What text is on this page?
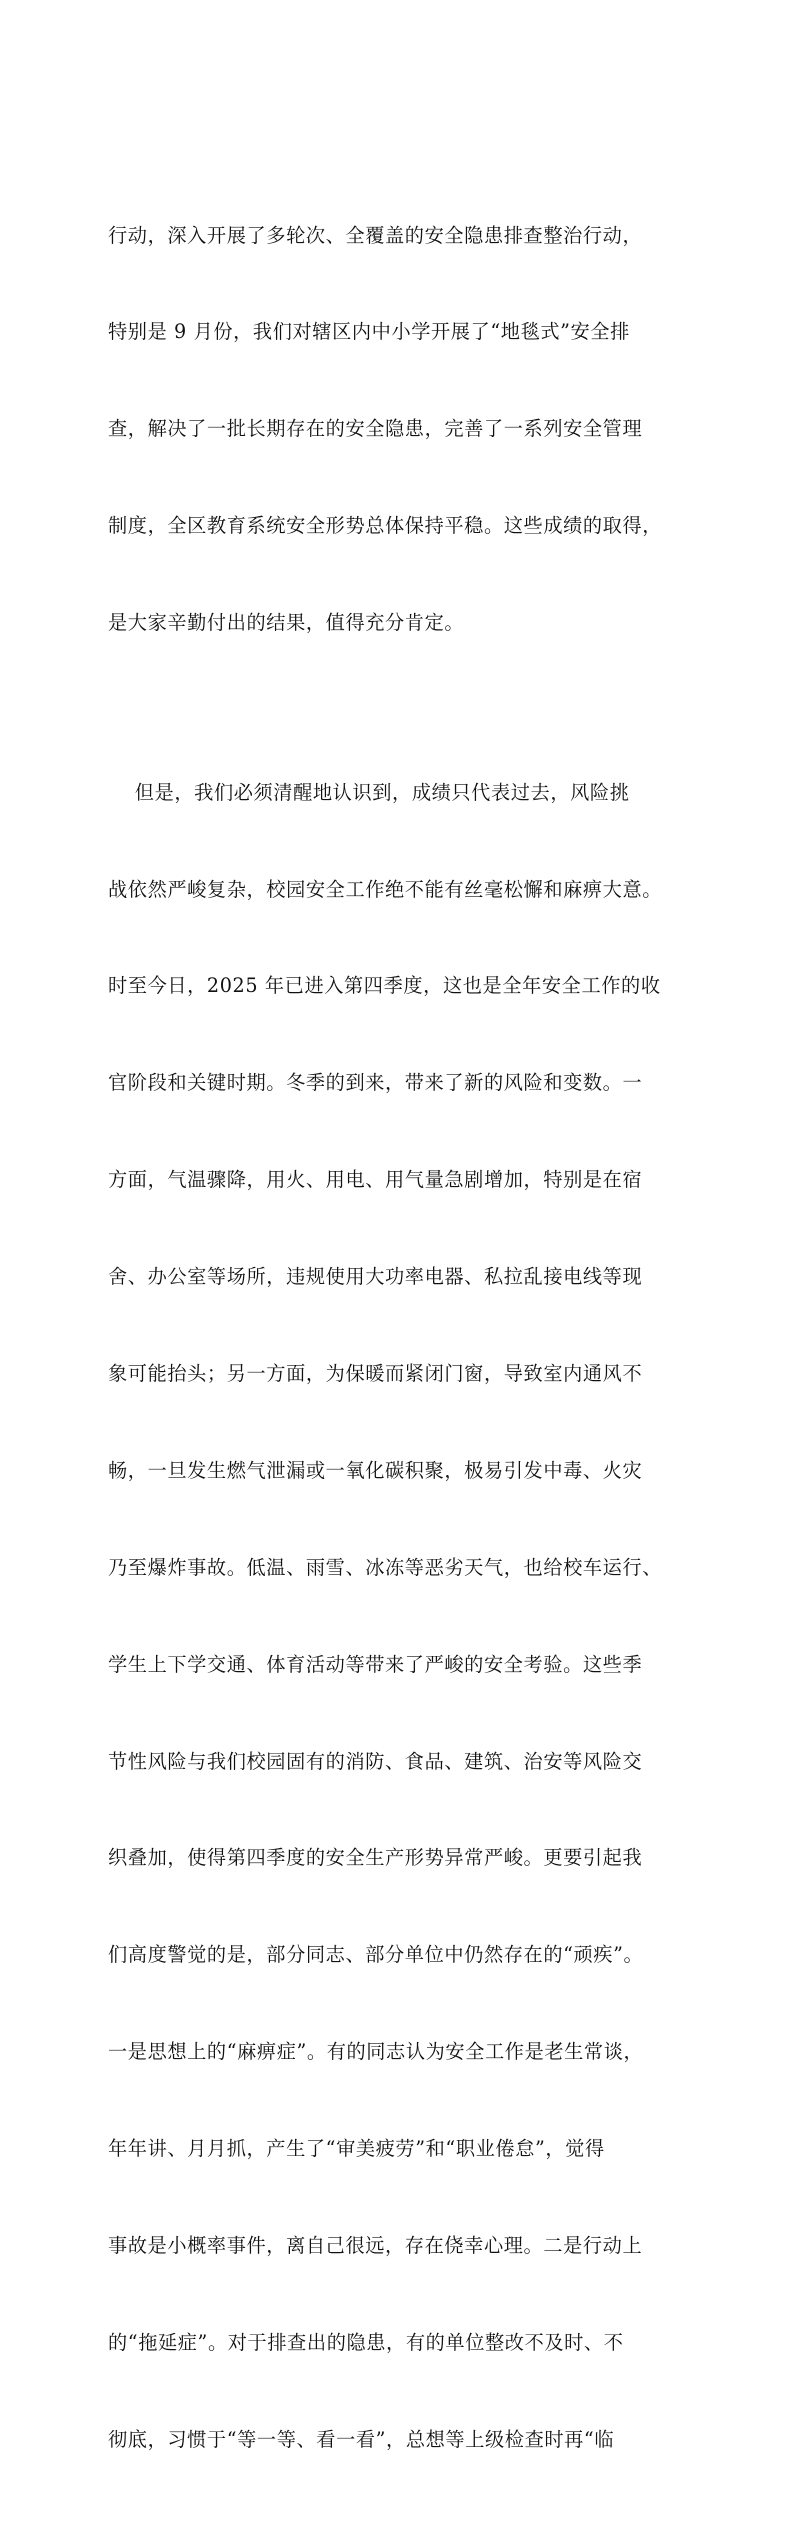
行动，深入开展了多轮次、全覆盖的安全隐患排查整治行动，

特别是 9 月份，我们对辖区内中小学开展了“地毯式”安全排

查，解决了一批长期存在的安全隐患，完善了一系列安全管理

制度，全区教育系统安全形势总体保持平稳。这些成绩的取得，

是大家辛勤付出的结果，值得充分肯定。

但是，我们必须清醒地认识到，成绩只代表过去，风险挑

战依然严峻复杂，校园安全工作绝不能有丝毫松懈和麻痹大意。

时至今日，2025 年已进入第四季度，这也是全年安全工作的收

官阶段和关键时期。冬季的到来，带来了新的风险和变数。一

方面，气温骤降，用火、用电、用气量急剧增加，特别是在宿

舍、办公室等场所，违规使用大功率电器、私拉乱接电线等现

象可能抬头；另一方面，为保暖而紧闭门窗，导致室内通风不

畅，一旦发生燃气泄漏或一氧化碳积聚，极易引发中毒、火灾

乃至爆炸事故。低温、雨雪、冰冻等恶劣天气，也给校车运行、

学生上下学交通、体育活动等带来了严峻的安全考验。这些季

节性风险与我们校园固有的消防、食品、建筑、治安等风险交

织叠加，使得第四季度的安全生产形势异常严峻。更要引起我

们高度警觉的是，部分同志、部分单位中仍然存在的“顽疾”。

一是思想上的“麻痹症”。有的同志认为安全工作是老生常谈，

年年讲、月月抓，产生了“审美疲劳”和“职业倦怠”，觉得

事故是小概率事件，离自己很远，存在侥幸心理。二是行动上

的“拖延症”。对于排查出的隐患，有的单位整改不及时、不

彻底，习惯于“等一等、看一看”，总想等上级检查时再“临
